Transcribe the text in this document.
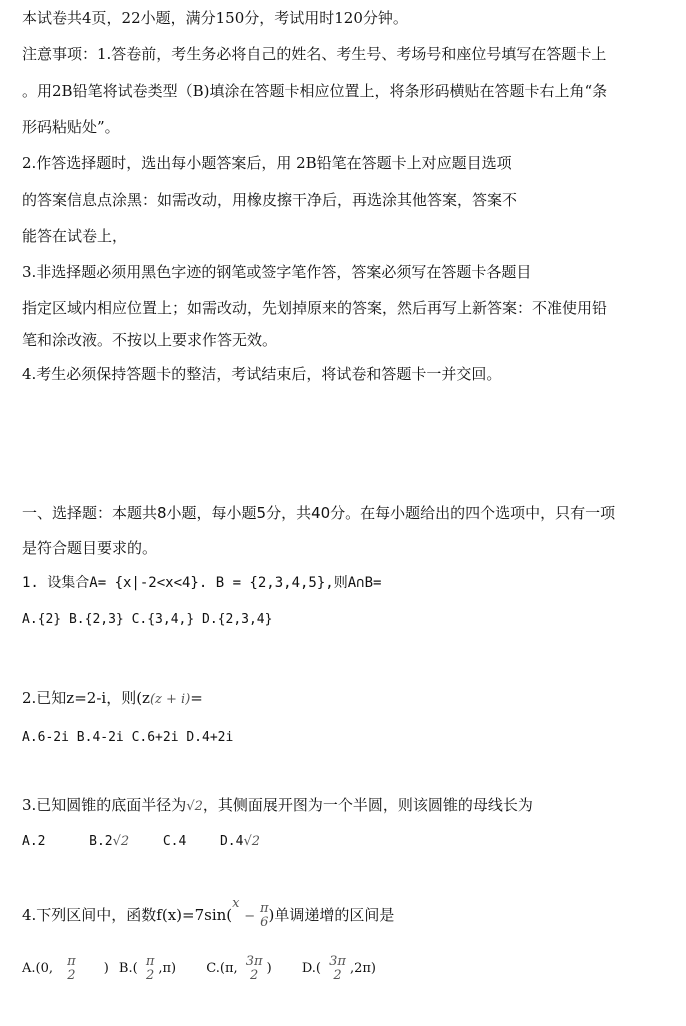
本试卷共4页，22小题，满分150分，考试用时120分钟。
注意事项：1.答卷前，考生务必将自己的姓名、考生号、考场号和座位号填写在答题卡上
。用2B铅笔将试卷类型（B)填涂在答题卡相应位置上，将条形码横贴在答题卡右上角“条
形码粘贴处”。
2.作答选择题时，选出每小题答案后，用 2B铅笔在答题卡上对应题目选项
的答案信息点涂黑：如需改动，用橡皮擦干净后，再选涂其他答案，答案不
能答在试卷上，
3.非选择题必须用黑色字迹的钢笔或签字笔作答，答案必须写在答题卡各题目
指定区域内相应位置上；如需改动，先划掉原来的答案，然后再写上新答案：不准使用铅
笔和涂改液。不按以上要求作答无效。
4.考生必须保持答题卡的整洁，考试结束后，将试卷和答题卡一并交回。
一、选择题：本题共8小题，每小题5分，共40分。在每小题给出的四个选项中，只有一项
是符合题目要求的。
1. 设集合A= {x|-2<x<4}. B = {2,3,4,5},则A∩B=
A.{2} B.{2,3} C.{3,4,} D.{2,3,4}
2.已知z=2-i，则(z(z + i)=
A.6-2i B.4-2i C.6+2i D.4+2i
3.已知圆锥的底面半径为√2，其侧面展开图为一个半圆，则该圆锥的母线长为
A.2	B.2√2	C.4	D.4√2
4.下列区间中，函数f(x)=7sin(x −
π
6 )单调递增的区间是
A.(0, π
2 ) B.( π
2 ,π) C.(π, 3π
2 ) D.( 3π
2 ,2π)
